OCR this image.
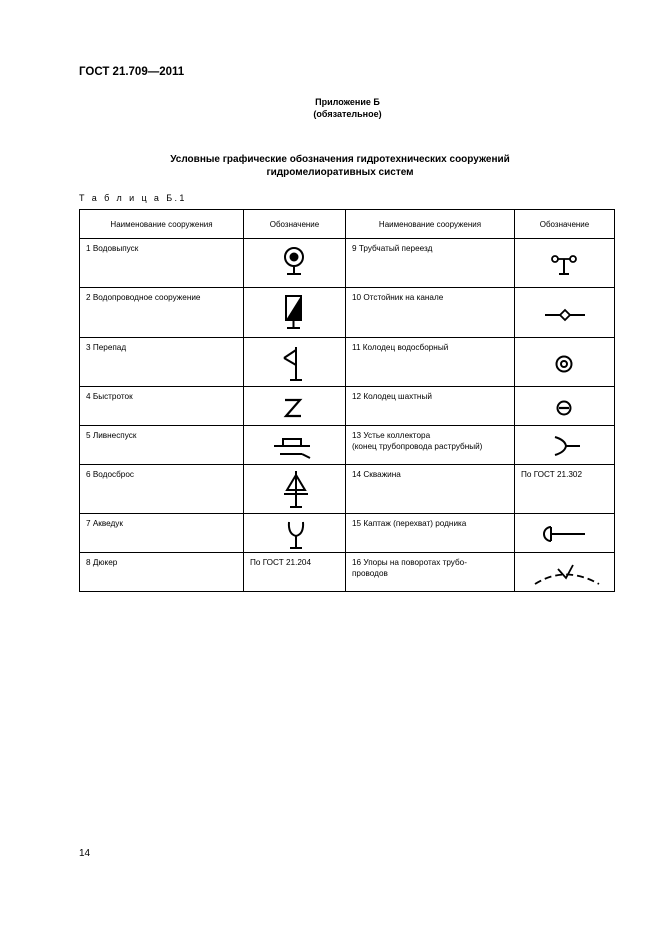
ГОСТ 21.709—2011
Приложение Б
(обязательное)
Условные графические обозначения гидротехнических сооружений
гидромелиоративных систем
Т а б л и ц а Б.1
Наименование сооружения	Обозначение	Наименование сооружения	Обозначение

1 Водовыпуск		9 Трубчатый переезд

2 Водопроводное сооружение		10 Отстойник на канале

3 Перепад		11 Колодец водосборный

4 Быстроток		12 Колодец шахтный

5 Ливнеспуск		13 Устье коллектора
(конец трубопровода раструбный)

6 Водосброс		14 Скважина	По ГОСТ 21.302

7 Акведук		15 Каптаж (перехват) родника

8 Дюкер	По ГОСТ 21.204	16 Упоры на поворотах трубо-
проводов

14
